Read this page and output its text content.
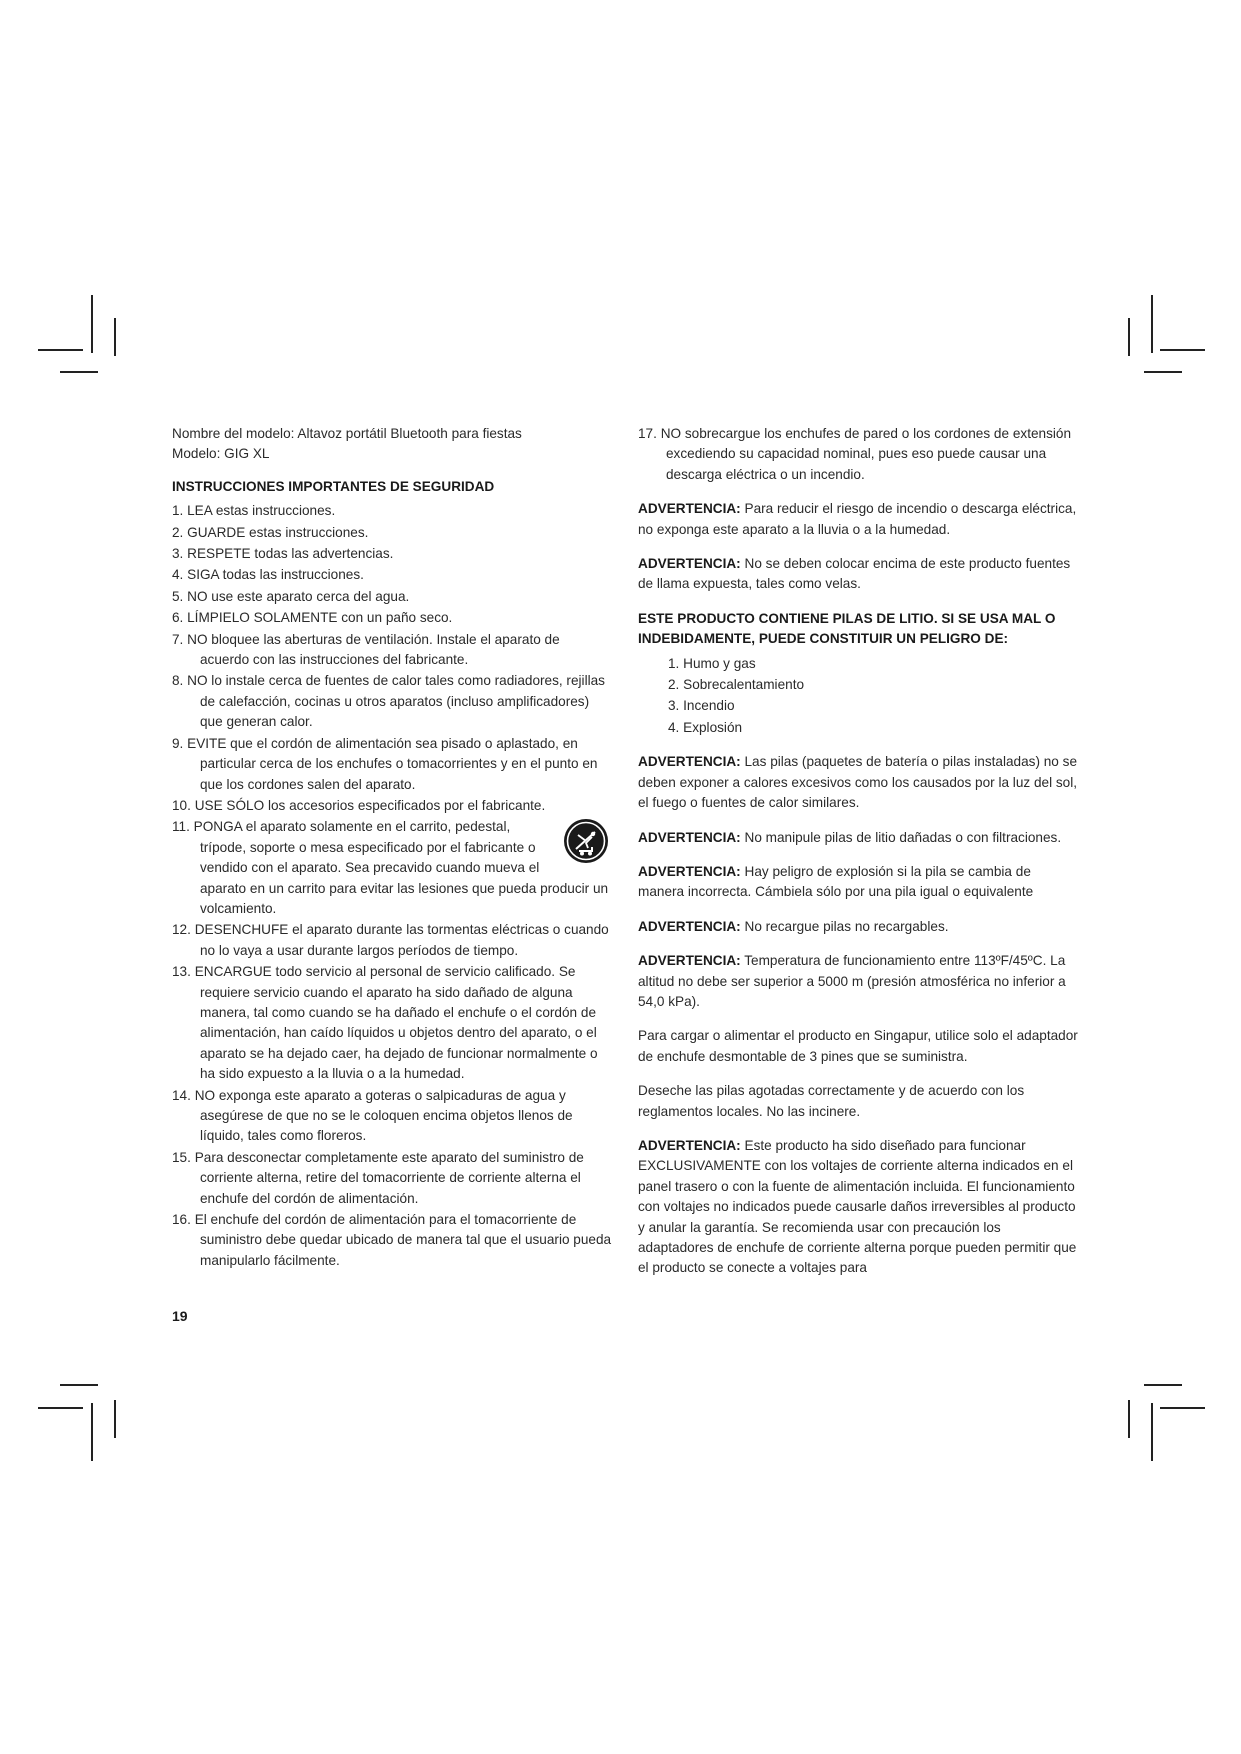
Nombre del modelo: Altavoz portátil Bluetooth para fiestas

Modelo: GIG XL

INSTRUCCIONES IMPORTANTES DE SEGURIDAD

1. LEA estas instrucciones.
2. GUARDE estas instrucciones.
3. RESPETE todas las advertencias.
4. SIGA todas las instrucciones.
5. NO use este aparato cerca del agua.
6. LÍMPIELO SOLAMENTE con un paño seco.
7. NO bloquee las aberturas de ventilación. Instale el aparato de acuerdo con las instrucciones del fabricante.
8. NO lo instale cerca de fuentes de calor tales como radiadores, rejillas de calefacción, cocinas u otros aparatos (incluso amplificadores) que generan calor.
9. EVITE que el cordón de alimentación sea pisado o aplastado, en particular cerca de los enchufes o tomacorrientes y en el punto en que los cordones salen del aparato.
10. USE SÓLO los accesorios especificados por el fabricante.
11. PONGA el aparato solamente en el carrito, pedestal, trípode, soporte o mesa especificado por el fabricante o vendido con el aparato. Sea precavido cuando mueva el aparato en un carrito para evitar las lesiones que pueda producir un volcamiento.
12. DESENCHUFE el aparato durante las tormentas eléctricas o cuando no lo vaya a usar durante largos períodos de tiempo.
13. ENCARGUE todo servicio al personal de servicio calificado. Se requiere servicio cuando el aparato ha sido dañado de alguna manera, tal como cuando se ha dañado el enchufe o el cordón de alimentación, han caído líquidos u objetos dentro del aparato, o el aparato se ha dejado caer, ha dejado de funcionar normalmente o ha sido expuesto a la lluvia o a la humedad.
14. NO exponga este aparato a goteras o salpicaduras de agua y asegúrese de que no se le coloquen encima objetos llenos de líquido, tales como floreros.
15. Para desconectar completamente este aparato del suministro de corriente alterna, retire del tomacorriente de corriente alterna el enchufe del cordón de alimentación.
16. El enchufe del cordón de alimentación para el tomacorriente de suministro debe quedar ubicado de manera tal que el usuario pueda manipularlo fácilmente.
17. NO sobrecargue los enchufes de pared o los cordones de extensión excediendo su capacidad nominal, pues eso puede causar una descarga eléctrica o un incendio.

ADVERTENCIA: Para reducir el riesgo de incendio o descarga eléctrica, no exponga este aparato a la lluvia o a la humedad.

ADVERTENCIA: No se deben colocar encima de este producto fuentes de llama expuesta, tales como velas.

ESTE PRODUCTO CONTIENE PILAS DE LITIO. SI SE USA MAL O INDEBIDAMENTE, PUEDE CONSTITUIR UN PELIGRO DE:

1. Humo y gas
2. Sobrecalentamiento
3. Incendio
4. Explosión

ADVERTENCIA: Las pilas (paquetes de batería o pilas instaladas) no se deben exponer a calores excesivos como los causados por la luz del sol, el fuego o fuentes de calor similares.

ADVERTENCIA: No manipule pilas de litio dañadas o con filtraciones.

ADVERTENCIA: Hay peligro de explosión si la pila se cambia de manera incorrecta. Cámbiela sólo por una pila igual o equivalente

ADVERTENCIA: No recargue pilas no recargables.

ADVERTENCIA: Temperatura de funcionamiento entre 113ºF/45ºC. La altitud no debe ser superior a 5000 m (presión atmosférica no inferior a 54,0 kPa).

Para cargar o alimentar el producto en Singapur, utilice solo el adaptador de enchufe desmontable de 3 pines que se suministra.

Deseche las pilas agotadas correctamente y de acuerdo con los reglamentos locales. No las incinere.

ADVERTENCIA: Este producto ha sido diseñado para funcionar EXCLUSIVAMENTE con los voltajes de corriente alterna indicados en el panel trasero o con la fuente de alimentación incluida. El funcionamiento con voltajes no indicados puede causarle daños irreversibles al producto y anular la garantía. Se recomienda usar con precaución los adaptadores de enchufe de corriente alterna porque pueden permitir que el producto se conecte a voltajes para

19
